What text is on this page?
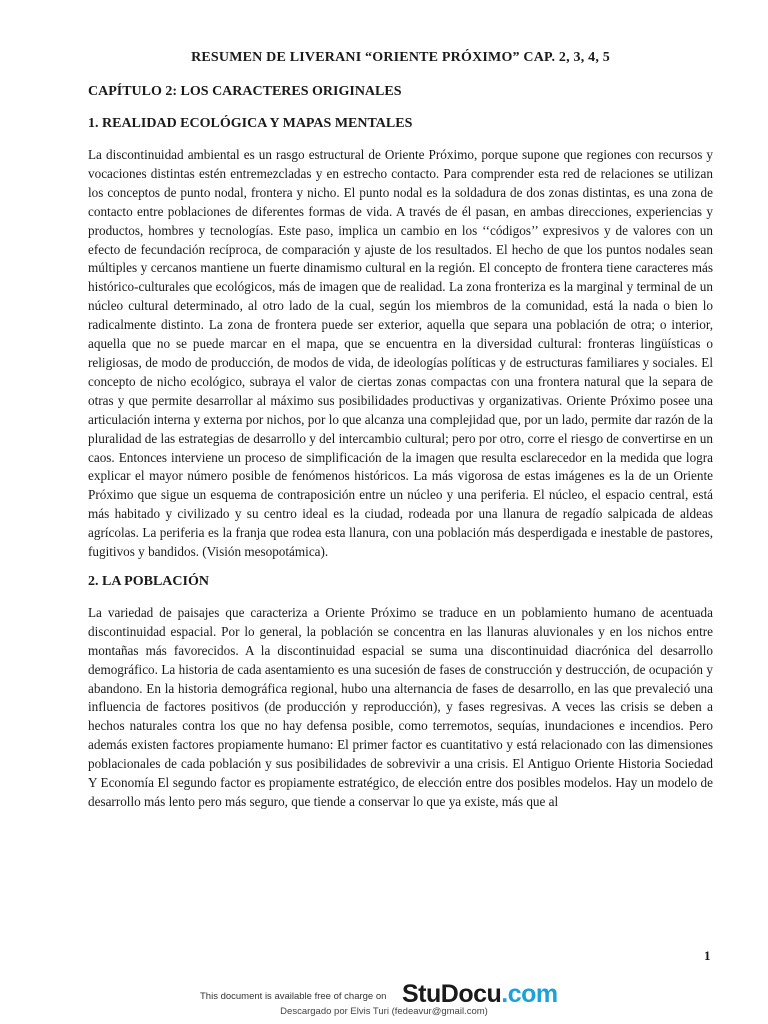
RESUMEN DE LIVERANI “ORIENTE PRÓXIMO” CAP. 2, 3, 4, 5
CAPÍTULO 2: LOS CARACTERES ORIGINALES
1. REALIDAD ECOLÓGICA Y MAPAS MENTALES

La discontinuidad ambiental es un rasgo estructural de Oriente Próximo, porque supone que regiones con recursos y vocaciones distintas estén entremezcladas y en estrecho contacto. Para comprender esta red de relaciones se utilizan los conceptos de punto nodal, frontera y nicho. El punto nodal es la soldadura de dos zonas distintas, es una zona de contacto entre poblaciones de diferentes formas de vida. A través de él pasan, en ambas direcciones, experiencias y productos, hombres y tecnologías. Este paso, implica un cambio en los ‘‘códigos’’ expresivos y de valores con un efecto de fecundación recíproca, de comparación y ajuste de los resultados. El hecho de que los puntos nodales sean múltiples y cercanos mantiene un fuerte dinamismo cultural en la región. El concepto de frontera tiene caracteres más histórico-culturales que ecológicos, más de imagen que de realidad. La zona fronteriza es la marginal y terminal de un núcleo cultural determinado, al otro lado de la cual, según los miembros de la comunidad, está la nada o bien lo radicalmente distinto. La zona de frontera puede ser exterior, aquella que separa una población de otra; o interior, aquella que no se puede marcar en el mapa, que se encuentra en la diversidad cultural: fronteras lingüísticas o religiosas, de modo de producción, de modos de vida, de ideologías políticas y de estructuras familiares y sociales. El concepto de nicho ecológico, subraya el valor de ciertas zonas compactas con una frontera natural que la separa de otras y que permite desarrollar al máximo sus posibilidades productivas y organizativas. Oriente Próximo posee una articulación interna y externa por nichos, por lo que alcanza una complejidad que, por un lado, permite dar razón de la pluralidad de las estrategias de desarrollo y del intercambio cultural; pero por otro, corre el riesgo de convertirse en un caos. Entonces interviene un proceso de simplificación de la imagen que resulta esclarecedor en la medida que logra explicar el mayor número posible de fenómenos históricos. La más vigorosa de estas imágenes es la de un Oriente Próximo que sigue un esquema de contraposición entre un núcleo y una periferia. El núcleo, el espacio central, está más habitado y civilizado y su centro ideal es la ciudad, rodeada por una llanura de regadío salpicada de aldeas agrícolas. La periferia es la franja que rodea esta llanura, con una población más desperdigada e inestable de pastores, fugitivos y bandidos. (Visión mesopotámica).

2. LA POBLACIÓN

La variedad de paisajes que caracteriza a Oriente Próximo se traduce en un poblamiento humano de acentuada discontinuidad espacial. Por lo general, la población se concentra en las llanuras aluvionales y en los nichos entre montañas más favorecidos. A la discontinuidad espacial se suma una discontinuidad diacrónica del desarrollo demográfico. La historia de cada asentamiento es una sucesión de fases de construcción y destrucción, de ocupación y abandono. En la historia demográfica regional, hubo una alternancia de fases de desarrollo, en las que prevaleció una influencia de factores positivos (de producción y reproducción), y fases regresivas. A veces las crisis se deben a hechos naturales contra los que no hay defensa posible, como terremotos, sequías, inundaciones e incendios. Pero además existen factores propiamente humano: El primer factor es cuantitativo y está relacionado con las dimensiones poblacionales de cada población y sus posibilidades de sobrevivir a una crisis. El Antiguo Oriente Historia Sociedad Y Economía El segundo factor es propiamente estratégico, de elección entre dos posibles modelos. Hay un modelo de desarrollo más lento pero más seguro, que tiende a conservar lo que ya existe, más que al

1
This document is available free of charge on StuDocu.com
Descargado por Elvis Turi (fedeavur@gmail.com)
